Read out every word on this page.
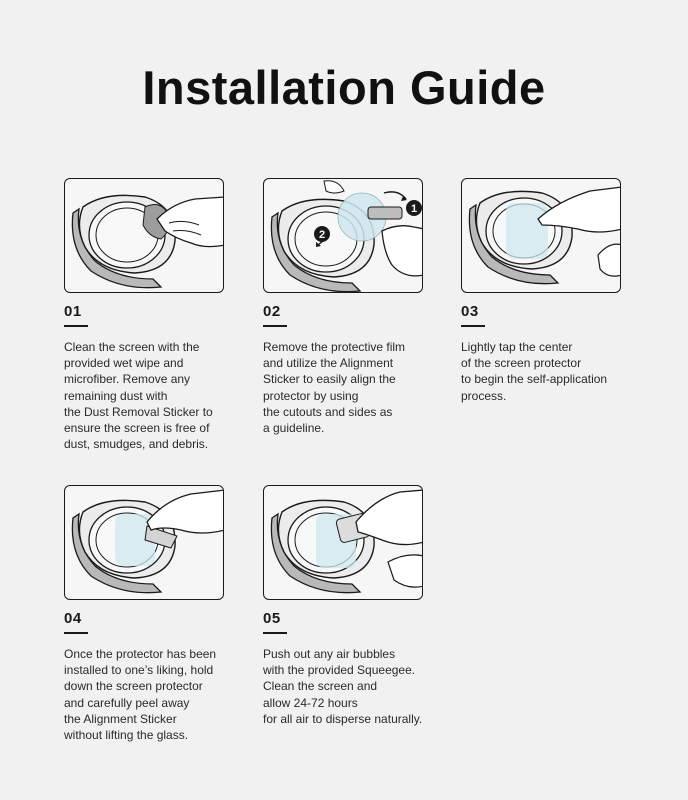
Installation Guide
01
Clean the screen with the
provided wet wipe and
microfiber. Remove any
remaining dust with
the Dust Removal Sticker to
ensure the screen is free of
dust, smudges, and debris.
1
2
02
Remove the protective film
and utilize the Alignment
Sticker to easily align the
protector by using
the cutouts and sides as
a guideline.
03
Lightly tap the center
of the screen protector
to begin the self-application
process.
04
Once the protector has been
installed to one’s liking, hold
down the screen protector
and carefully peel away
the Alignment Sticker
without lifting the glass.
05
Push out any air bubbles
with the provided Squeegee.
Clean the screen and
allow 24-72 hours
for all air to disperse naturally.
